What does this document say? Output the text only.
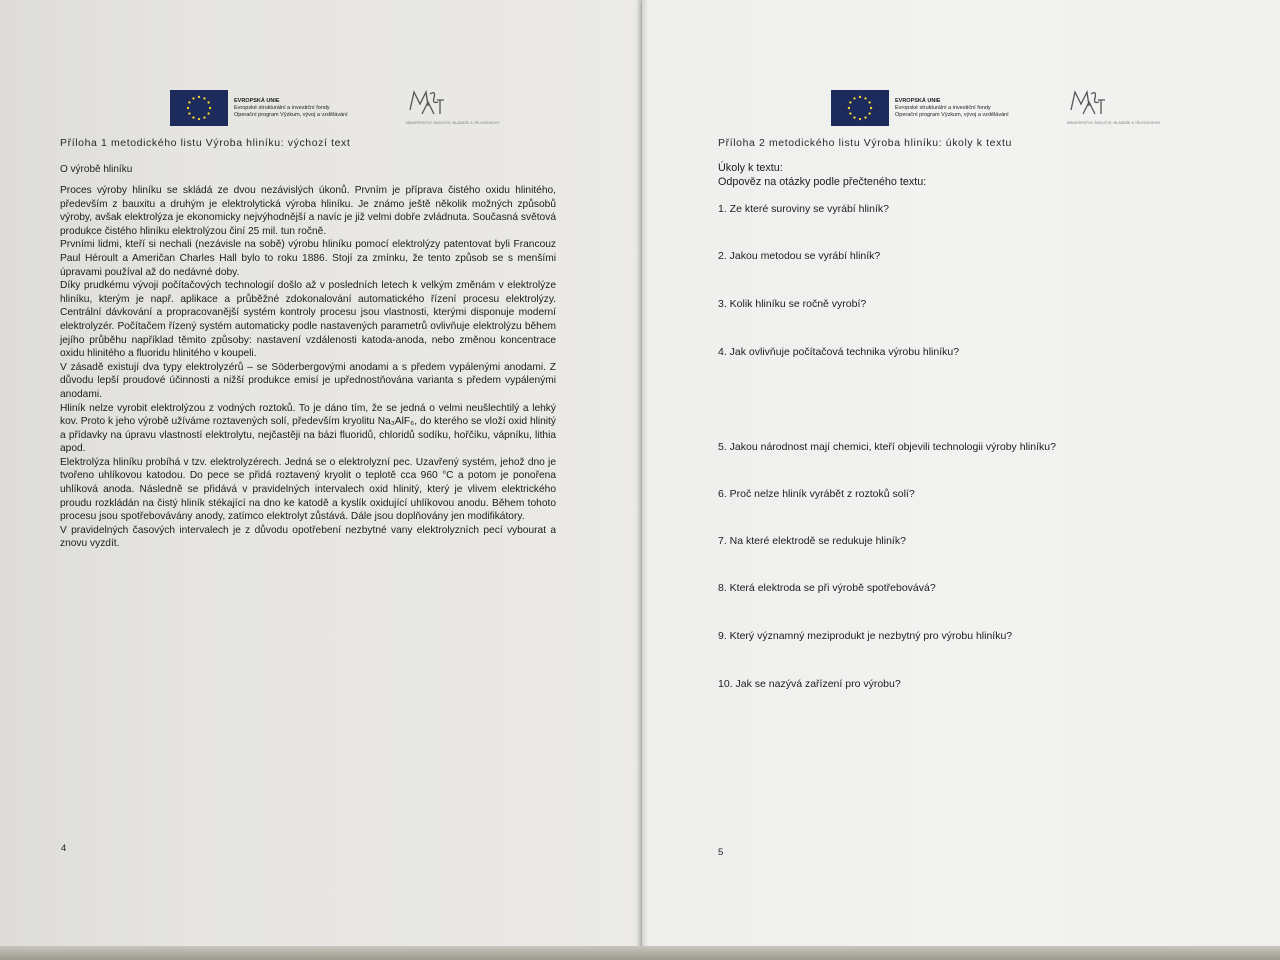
EVROPSKÁ UNIE
Evropské strukturální a investiční fondy
Operační program Výzkum, vývoj a vzdělávání
MINISTERSTVO ŠKOLSTVÍ, MLÁDEŽE A TĚLOVÝCHOVY
Příloha 1 metodického listu Výroba hliníku: výchozí text
O výrobě hliníku

Proces výroby hliníku se skládá ze dvou nezávislých úkonů. Prvním je příprava čistého oxidu hlinitého, především z bauxitu a druhým je elektrolytická výroba hliníku. Je známo ještě několik možných způsobů výroby, avšak elektrolýza je ekonomicky nejvýhodnější a navíc je již velmi dobře zvládnuta. Současná světová produkce čistého hliníku elektrolýzou činí 25 mil. tun ročně.

Prvními lidmi, kteří si nechali (nezávisle na sobě) výrobu hliníku pomocí elektrolýzy patentovat byli Francouz Paul Héroult a Američan Charles Hall bylo to roku 1886. Stojí za zmínku, že tento způsob se s menšími úpravami používal až do nedávné doby.

Díky prudkému vývoji počítačových technologií došlo až v posledních letech k velkým změnám v elektrolýze hliníku, kterým je např. aplikace a průběžné zdokonalování automatického řízení procesu elektrolýzy. Centrální dávkování a propracovanější systém kontroly procesu jsou vlastnosti, kterými disponuje moderní elektrolyzér. Počítačem řízený systém automaticky podle nastavených parametrů ovlivňuje elektrolýzu během jejího průběhu například těmito způsoby: nastavení vzdálenosti katoda-anoda, nebo změnou koncentrace oxidu hlinitého a fluoridu hlinitého v koupeli.

V zásadě existují dva typy elektrolyzérů – se Söderbergovými anodami a s předem vypálenými anodami. Z důvodu lepší proudové účinnosti a nižší produkce emisí je upřednostňována varianta s předem vypálenými anodami.

Hliník nelze vyrobit elektrolýzou z vodných roztoků. To je dáno tím, že se jedná o velmi neušlechtilý a lehký kov. Proto k jeho výrobě užíváme roztavených solí, především kryolitu Na₃AlF₆, do kterého se vloží oxid hlinitý a přídavky na úpravu vlastností elektrolytu, nejčastěji na bázi fluoridů, chloridů sodíku, hořčíku, vápníku, lithia apod.

Elektrolýza hliníku probíhá v tzv. elektrolyzérech. Jedná se o elektrolyzní pec. Uzavřený systém, jehož dno je tvořeno uhlíkovou katodou. Do pece se přidá roztavený kryolit o teplotě cca 960 °C a potom je ponořena uhlíková anoda. Následně se přidává v pravidelných intervalech oxid hlinitý, který je vlivem elektrického proudu rozkládán na čistý hliník stékající na dno ke katodě a kyslík oxidující uhlíkovou anodu. Během tohoto procesu jsou spotřebovávány anody, zatímco elektrolyt zůstává. Dále jsou doplňovány jen modifikátory.

V pravidelných časových intervalech je z důvodu opotřebení nezbytné vany elektrolyzních pecí vybourat a znovu vyzdít.

4
EVROPSKÁ UNIE
Evropské strukturální a investiční fondy
Operační program Výzkum, vývoj a vzdělávání
MINISTERSTVO ŠKOLSTVÍ, MLÁDEŽE A TĚLOVÝCHOVY
Příloha 2 metodického listu Výroba hliníku: úkoly k textu
Úkoly k textu:
Odpověz na otázky podle přečteného textu:
1. Ze které suroviny se vyrábí hliník?
2. Jakou metodou se vyrábí hliník?
3. Kolik hliníku se ročně vyrobí?
4. Jak ovlivňuje počítačová technika výrobu hliníku?
5. Jakou národnost mají chemici, kteří objevili technologii výroby hliníku?
6. Proč nelze hliník vyrábět z roztoků solí?
7. Na které elektrodě se redukuje hliník?
8. Která elektroda se při výrobě spotřebovává?
9. Který významný meziprodukt je nezbytný pro výrobu hliníku?
10. Jak se nazývá zařízení pro výrobu?
5
